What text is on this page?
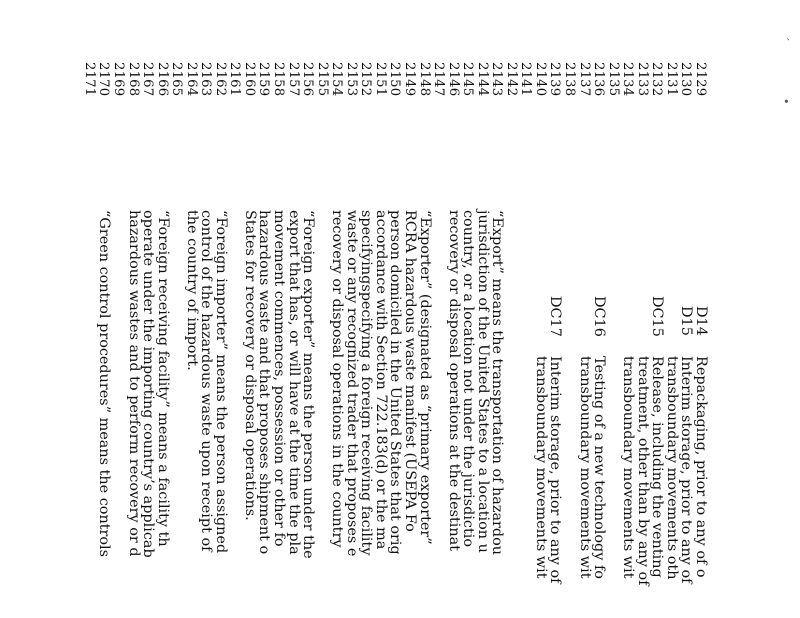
2129
2130
2131
2132
2133
2134
2135
2136
2137
2138
2139
2140
2141
2142
2143
2144
2145
2146
2147
2148
2149
2150
2151
2152
2153
2154
2155
2156
2157
2158
2159
2160
2161
2162
2163
2164
2165
2166
2167
2168
2169
2170
2171
D14
Repackaging, prior to any of o
D15
Interim storage, prior to any of
transboundary movements oth
DC15
Release, including the venting
treatment, other than by any of
transboundary movements wit
DC16
Testing of a new technology fo
transboundary movements wit
DC17
Interim storage, prior to any of
transboundary movements wit
“Export” means the transportation of hazardou
jurisdiction of the United States to a location u
country, or a location not under the jurisdictio
recovery or disposal operations at the destinat
“Exporter” (designated as “primary exporter”
RCRA hazardous waste manifest (USEPA Fo
person domiciled in the United States that orig
accordance with Section 722.183(d) or the ma
specifyingspecifying a foreign receiving facility
waste or any recognized trader that proposes e
recovery or disposal operations in the country
“Foreign exporter” means the person under the
export that has, or will have at the time the pla
movement commences, possession or other fo
hazardous waste and that proposes shipment o
States for recovery or disposal operations.
“Foreign importer” means the person assigned
control of the hazardous waste upon receipt of
the country of import.
“Foreign receiving facility” means a facility th
operate under the importing country’s applicab
hazardous wastes and to perform recovery or d
“Green control procedures” means the controls
´
•
